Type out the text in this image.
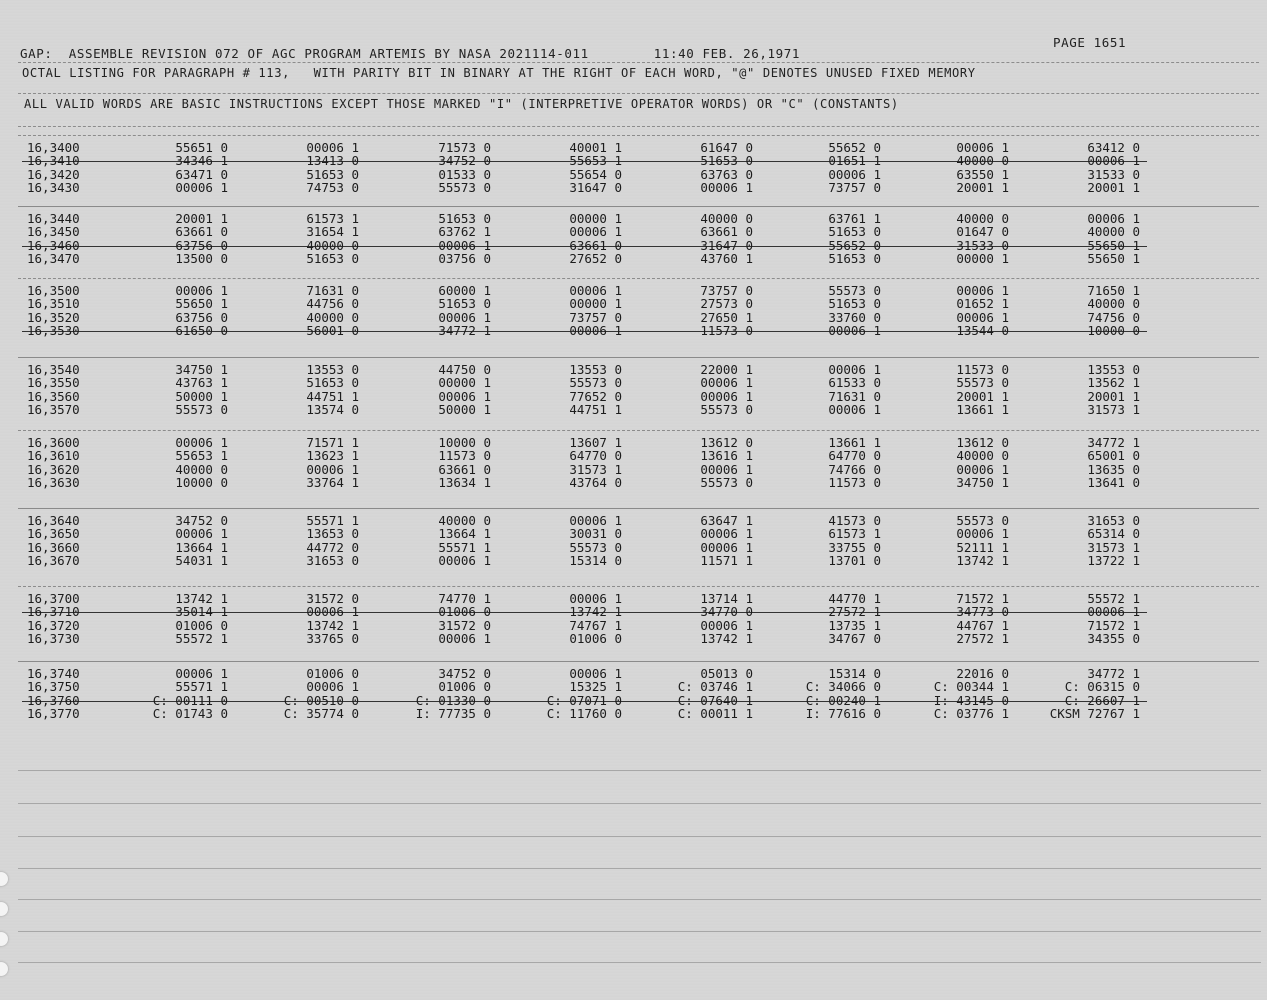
GAP:  ASSEMBLE REVISION 072 OF AGC PROGRAM ARTEMIS BY NASA 2021114-011        11:40 FEB. 26,1971
PAGE 1651
OCTAL LISTING FOR PARAGRAPH # 113,   WITH PARITY BIT IN BINARY AT THE RIGHT OF EACH WORD, "@" DENOTES UNUSED FIXED MEMORY
ALL VALID WORDS ARE BASIC INSTRUCTIONS EXCEPT THOSE MARKED "I" (INTERPRETIVE OPERATOR WORDS) OR "C" (CONSTANTS)
16,3400	55651 0	00006 1	71573 0	40001 1	61647 0	55652 0	00006 1	63412 0
16,3410	34346 1	13413 0	34752 0	55653 1	51653 0	01651 1	40000 0	00006 1
16,3420	63471 0	51653 0	01533 0	55654 0	63763 0	00006 1	63550 1	31533 0
16,3430	00006 1	74753 0	55573 0	31647 0	00006 1	73757 0	20001 1	20001 1
16,3440	20001 1	61573 1	51653 0	00000 1	40000 0	63761 1	40000 0	00006 1
16,3450	63661 0	31654 1	63762 1	00006 1	63661 0	51653 0	01647 0	40000 0
16,3460	63756 0	40000 0	00006 1	63661 0	31647 0	55652 0	31533 0	55650 1
16,3470	13500 0	51653 0	03756 0	27652 0	43760 1	51653 0	00000 1	55650 1
16,3500	00006 1	71631 0	60000 1	00006 1	73757 0	55573 0	00006 1	71650 1
16,3510	55650 1	44756 0	51653 0	00000 1	27573 0	51653 0	01652 1	40000 0
16,3520	63756 0	40000 0	00006 1	73757 0	27650 1	33760 0	00006 1	74756 0
16,3530	61650 0	56001 0	34772 1	00006 1	11573 0	00006 1	13544 0	10000 0
16,3540	34750 1	13553 0	44750 0	13553 0	22000 1	00006 1	11573 0	13553 0
16,3550	43763 1	51653 0	00000 1	55573 0	00006 1	61533 0	55573 0	13562 1
16,3560	50000 1	44751 1	00006 1	77652 0	00006 1	71631 0	20001 1	20001 1
16,3570	55573 0	13574 0	50000 1	44751 1	55573 0	00006 1	13661 1	31573 1
16,3600	00006 1	71571 1	10000 0	13607 1	13612 0	13661 1	13612 0	34772 1
16,3610	55653 1	13623 1	11573 0	64770 0	13616 1	64770 0	40000 0	65001 0
16,3620	40000 0	00006 1	63661 0	31573 1	00006 1	74766 0	00006 1	13635 0
16,3630	10000 0	33764 1	13634 1	43764 0	55573 0	11573 0	34750 1	13641 0
16,3640	34752 0	55571 1	40000 0	00006 1	63647 1	41573 0	55573 0	31653 0
16,3650	00006 1	13653 0	13664 1	30031 0	00006 1	61573 1	00006 1	65314 0
16,3660	13664 1	44772 0	55571 1	55573 0	00006 1	33755 0	52111 1	31573 1
16,3670	54031 1	31653 0	00006 1	15314 0	11571 1	13701 0	13742 1	13722 1
16,3700	13742 1	31572 0	74770 1	00006 1	13714 1	44770 1	71572 1	55572 1
16,3710	35014 1	00006 1	01006 0	13742 1	34770 0	27572 1	34773 0	00006 1
16,3720	01006 0	13742 1	31572 0	74767 1	00006 1	13735 1	44767 1	71572 1
16,3730	55572 1	33765 0	00006 1	01006 0	13742 1	34767 0	27572 1	34355 0
16,3740	00006 1	01006 0	34752 0	00006 1	05013 0	15314 0	22016 0	34772 1
16,3750	55571 1	00006 1	01006 0	15325 1	C: 03746 1	C: 34066 0	C: 00344 1	C: 06315 0
16,3760	C: 00111 0	C: 00510 0	C: 01330 0	C: 07071 0	C: 07640 1	C: 00240 1	I: 43145 0	C: 26607 1
16,3770	C: 01743 0	C: 35774 0	I: 77735 0	C: 11760 0	C: 00011 1	I: 77616 0	C: 03776 1	CKSM 72767 1
